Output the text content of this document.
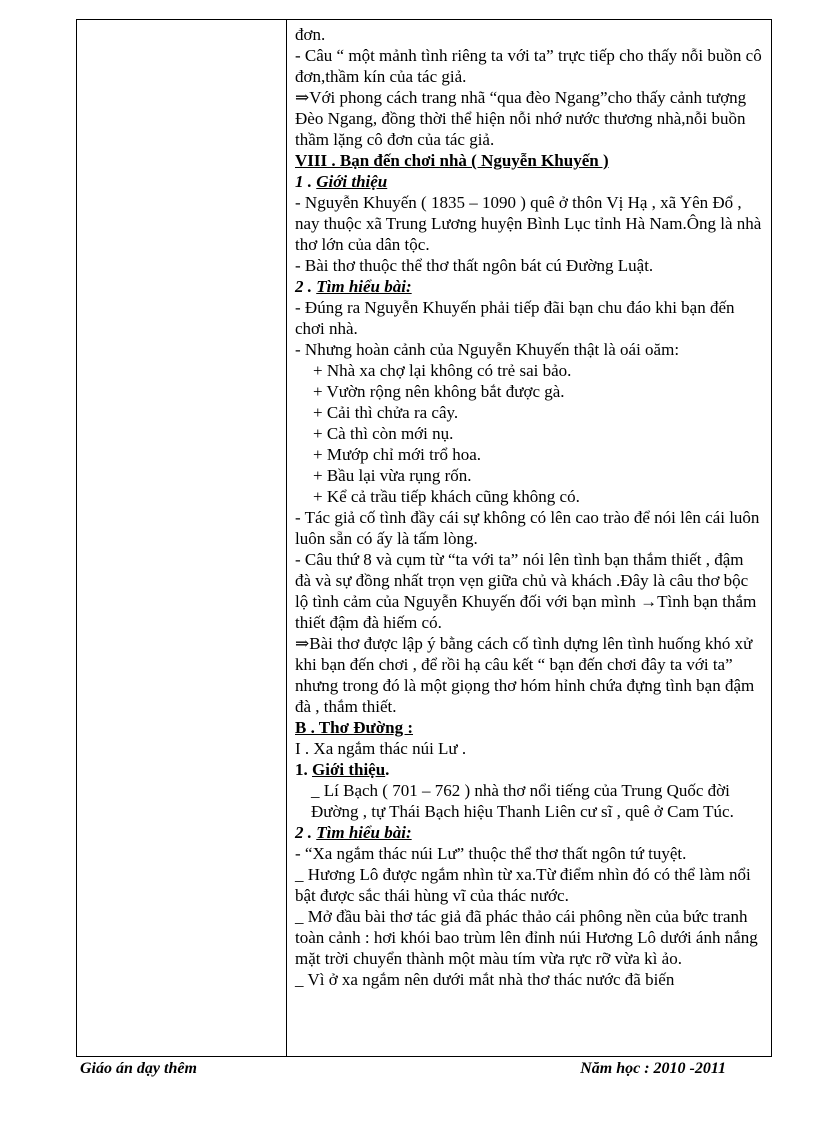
đơn.

- Câu “ một mảnh tình riêng ta với ta” trực tiếp cho thấy nỗi buồn cô đơn,thầm kín của tác giả.

⇒Với phong cách trang nhã “qua đèo Ngang”cho thấy cảnh tượng Đèo Ngang, đồng thời thể hiện nỗi nhớ nước thương nhà,nỗi buồn thầm lặng cô đơn của tác giả.

VIII . Bạn đến chơi nhà ( Nguyễn Khuyến )

1 . Giới thiệu

- Nguyễn Khuyến ( 1835 – 1090 ) quê ở thôn Vị Hạ , xã Yên Đổ , nay thuộc xã Trung Lương huyện Bình Lục tỉnh Hà Nam.Ông là nhà thơ lớn của dân tộc.

- Bài thơ thuộc thể thơ thất ngôn bát cú Đường Luật.

2 . Tìm hiểu bài:

- Đúng ra Nguyễn Khuyến phải tiếp đãi bạn chu đáo khi bạn đến chơi nhà.

- Nhưng hoàn cảnh của Nguyễn Khuyến thật là oái oăm:

+ Nhà xa chợ lại không có trẻ sai bảo.

+ Vườn rộng nên không bắt được gà.

+ Cải thì chửa ra cây.

+ Cà thì còn mới nụ.

+ Mướp chỉ mới trổ hoa.

+ Bầu lại vừa rụng rốn.

+ Kể cả trầu tiếp khách cũng không có.

- Tác giả cố tình đầy cái sự không có lên cao trào để nói lên cái luôn luôn sẵn có ấy là tấm lòng.

- Câu thứ 8 và cụm từ “ta với ta” nói lên tình bạn thắm thiết , đậm đà và sự đồng nhất trọn vẹn giữa chủ và khách .Đây là câu thơ bộc lộ tình cảm của Nguyễn Khuyến đối với bạn mình →Tình bạn thắm thiết đậm đà hiếm có.

⇒Bài thơ được lập ý bằng cách cố tình dựng lên tình huống khó xử khi bạn đến chơi , để rồi hạ câu kết “ bạn đến chơi đây ta với ta” nhưng trong đó là một giọng thơ hóm hỉnh chứa đựng tình bạn đậm đà , thắm thiết.

B . Thơ Đường :

I . Xa ngắm thác núi Lư .

1. Giới thiệu.

_ Lí Bạch ( 701 – 762 ) nhà thơ nổi tiếng của Trung Quốc đời Đường , tự Thái Bạch hiệu Thanh Liên cư sĩ , quê ở Cam Túc.

2 . Tìm hiểu bài:

- “Xa ngắm thác núi Lư” thuộc thể thơ thất ngôn tứ tuyệt.

_ Hương Lô được ngắm nhìn từ xa.Từ điểm nhìn đó có thể làm nổi bật được sắc thái hùng vĩ của thác nước.

_ Mở đầu bài thơ tác giả đã phác thảo cái phông nền của bức tranh toàn cảnh : hơi khói bao trùm lên đỉnh núi Hương Lô dưới ánh nắng mặt trời chuyển thành một màu tím vừa rực rỡ vừa kì ảo.

_ Vì ở xa ngắm nên dưới mắt nhà thơ thác nước đã biến

Giáo án dạy thêm	Năm học : 2010 -2011
